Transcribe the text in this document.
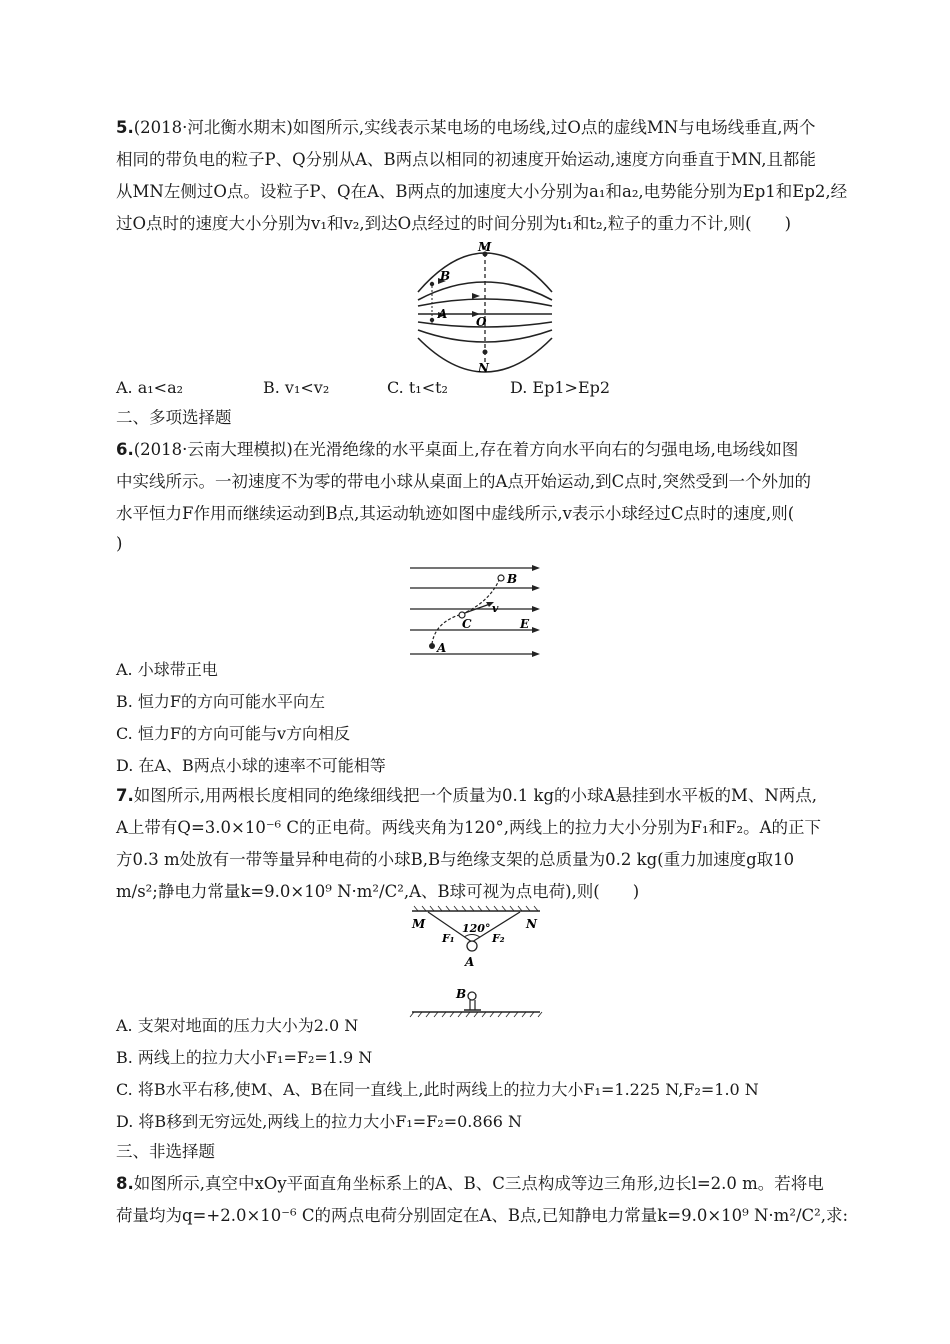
5.(2018·河北衡水期末)如图所示,实线表示某电场的电场线,过O点的虚线MN与电场线垂直,两个
相同的带负电的粒子P、Q分别从A、B两点以相同的初速度开始运动,速度方向垂直于MN,且都能
从MN左侧过O点。设粒子P、Q在A、B两点的加速度大小分别为a₁和a₂,电势能分别为Ep1和Ep2,经
过O点时的速度大小分别为v₁和v₂,到达O点经过的时间分别为t₁和t₂,粒子的重力不计,则(　　)
M
N
O
A
B
A. a₁<a₂	B. v₁<v₂	C. t₁<t₂	D. Ep1>Ep2
二、多项选择题
6.(2018·云南大理模拟)在光滑绝缘的水平桌面上,存在着方向水平向右的匀强电场,电场线如图
中实线所示。一初速度不为零的带电小球从桌面上的A点开始运动,到C点时,突然受到一个外加的
水平恒力F作用而继续运动到B点,其运动轨迹如图中虚线所示,v表示小球经过C点时的速度,则(
)
B
C
A
E
v
A. 小球带正电
B. 恒力F的方向可能水平向左
C. 恒力F的方向可能与v方向相反
D. 在A、B两点小球的速率不可能相等
7.如图所示,用两根长度相同的绝缘细线把一个质量为0.1 kg的小球A悬挂到水平板的M、N两点,
A上带有Q=3.0×10⁻⁶ C的正电荷。两线夹角为120°,两线上的拉力大小分别为F₁和F₂。A的正下
方0.3 m处放有一带等量异种电荷的小球B,B与绝缘支架的总质量为0.2 kg(重力加速度g取10
m/s²;静电力常量k=9.0×10⁹ N·m²/C²,A、B球可视为点电荷),则(　　)
M	N
120°
F₁	F₂
A
B
A. 支架对地面的压力大小为2.0 N
B. 两线上的拉力大小F₁=F₂=1.9 N
C. 将B水平右移,使M、A、B在同一直线上,此时两线上的拉力大小F₁=1.225 N,F₂=1.0 N
D. 将B移到无穷远处,两线上的拉力大小F₁=F₂=0.866 N
三、非选择题
8.如图所示,真空中xOy平面直角坐标系上的A、B、C三点构成等边三角形,边长l=2.0 m。若将电
荷量均为q=+2.0×10⁻⁶ C的两点电荷分别固定在A、B点,已知静电力常量k=9.0×10⁹ N·m²/C²,求:
